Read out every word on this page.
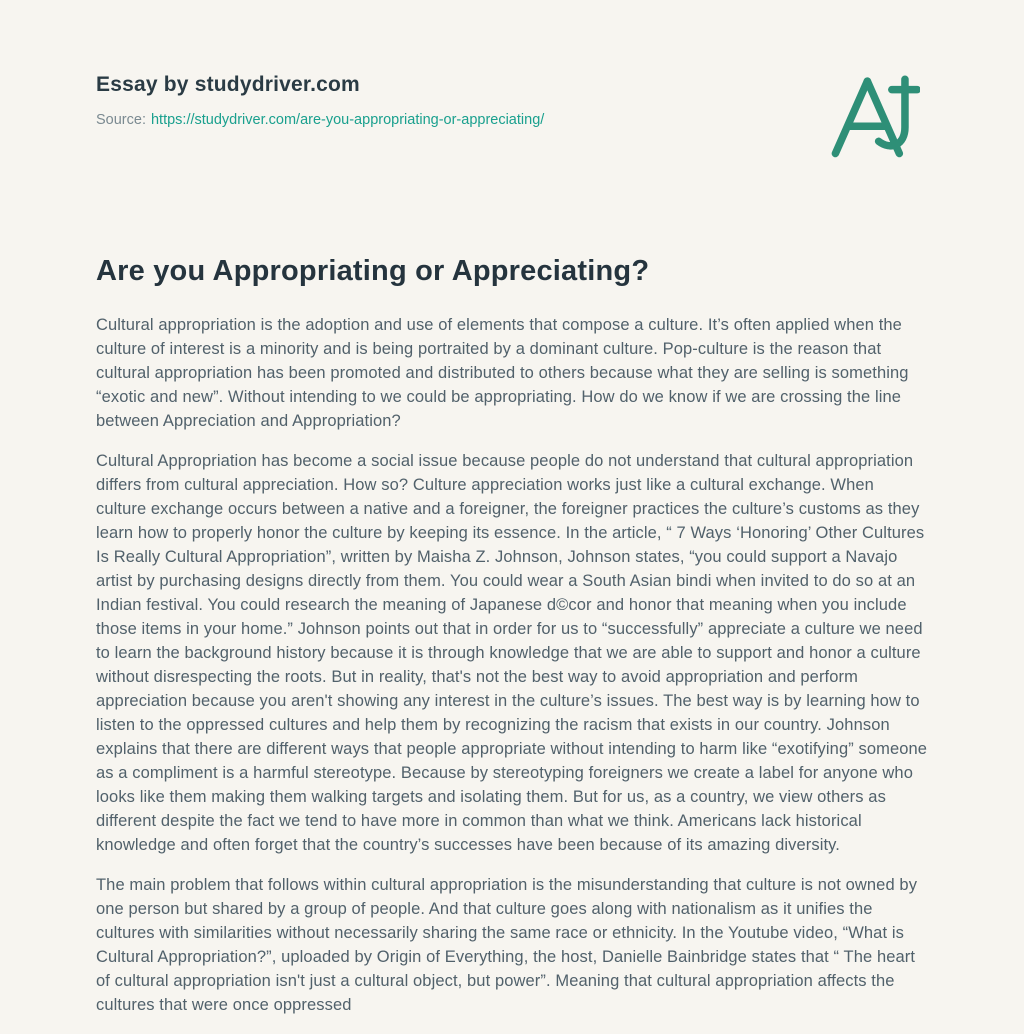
Essay by studydriver.com

Source: https://studydriver.com/are-you-appropriating-or-appreciating/

Are you Appropriating or Appreciating?

Cultural appropriation is the adoption and use of elements that compose a culture. It’s often applied when the culture of interest is a minority and is being portraited by a dominant culture. Pop-culture is the reason that cultural appropriation has been promoted and distributed to others because what they are selling is something “exotic and new”. Without intending to we could be appropriating. How do we know if we are crossing the line between Appreciation and Appropriation?

Cultural Appropriation has become a social issue because people do not understand that cultural appropriation differs from cultural appreciation. How so? Culture appreciation works just like a cultural exchange. When culture exchange occurs between a native and a foreigner, the foreigner practices the culture’s customs as they learn how to properly honor the culture by keeping its essence. In the article, “ 7 Ways ‘Honoring’ Other Cultures Is Really Cultural Appropriation”, written by Maisha Z. Johnson, Johnson states, “you could support a Navajo artist by purchasing designs directly from them. You could wear a South Asian bindi when invited to do so at an Indian festival. You could research the meaning of Japanese d©cor and honor that meaning when you include those items in your home.” Johnson points out that in order for us to “successfully” appreciate a culture we need to learn the background history because it is through knowledge that we are able to support and honor a culture without disrespecting the roots. But in reality, that's not the best way to avoid appropriation and perform appreciation because you aren't showing any interest in the culture’s issues. The best way is by learning how to listen to the oppressed cultures and help them by recognizing the racism that exists in our country. Johnson explains that there are different ways that people appropriate without intending to harm like “exotifying” someone as a compliment is a harmful stereotype. Because by stereotyping foreigners we create a label for anyone who looks like them making them walking targets and isolating them. But for us, as a country, we view others as different despite the fact we tend to have more in common than what we think. Americans lack historical knowledge and often forget that the country’s successes have been because of its amazing diversity.

The main problem that follows within cultural appropriation is the misunderstanding that culture is not owned by one person but shared by a group of people. And that culture goes along with nationalism as it unifies the cultures with similarities without necessarily sharing the same race or ethnicity. In the Youtube video, “What is Cultural Appropriation?”, uploaded by Origin of Everything, the host, Danielle Bainbridge states that “ The heart of cultural appropriation isn't just a cultural object, but power”. Meaning that cultural appropriation affects the cultures that were once oppressed
